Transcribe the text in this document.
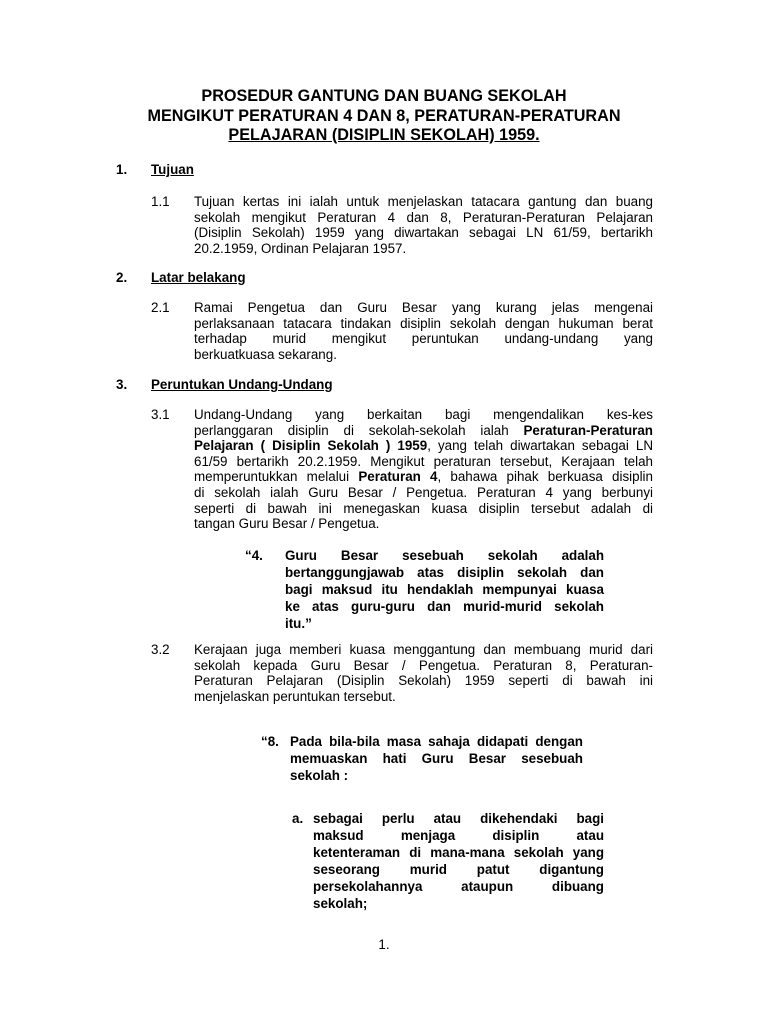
PROSEDUR GANTUNG DAN BUANG SEKOLAH
MENGIKUT PERATURAN 4 DAN 8, PERATURAN-PERATURAN
PELAJARAN (DISIPLIN SEKOLAH) 1959.
1. Tujuan
1.1 Tujuan kertas ini ialah untuk menjelaskan tatacara gantung dan buang
sekolah mengikut Peraturan 4 dan 8, Peraturan-Peraturan Pelajaran
(Disiplin Sekolah) 1959 yang diwartakan sebagai LN 61/59, bertarikh
20.2.1959, Ordinan Pelajaran 1957.
2. Latar belakang
2.1 Ramai Pengetua dan Guru Besar yang kurang jelas mengenai
perlaksanaan tatacara tindakan disiplin sekolah dengan hukuman berat
terhadap murid mengikut peruntukan undang-undang yang
berkuatkuasa sekarang.
3. Peruntukan Undang-Undang
3.1 Undang-Undang yang berkaitan bagi mengendalikan kes-kes
perlanggaran disiplin di sekolah-sekolah ialah Peraturan-Peraturan
Pelajaran ( Disiplin Sekolah ) 1959, yang telah diwartakan sebagai LN
61/59 bertarikh 20.2.1959. Mengikut peraturan tersebut, Kerajaan telah
memperuntukkan melalui Peraturan 4, bahawa pihak berkuasa disiplin
di sekolah ialah Guru Besar / Pengetua. Peraturan 4 yang berbunyi
seperti di bawah ini menegaskan kuasa disiplin tersebut adalah di
tangan Guru Besar / Pengetua.
“4. Guru Besar sesebuah sekolah adalah
bertanggungjawab atas disiplin sekolah dan
bagi maksud itu hendaklah mempunyai kuasa
ke atas guru-guru dan murid-murid sekolah
itu.”
3.2 Kerajaan juga memberi kuasa menggantung dan membuang murid dari
sekolah kepada Guru Besar / Pengetua. Peraturan 8, Peraturan-
Peraturan Pelajaran (Disiplin Sekolah) 1959 seperti di bawah ini
menjelaskan peruntukan tersebut.
“8. Pada bila-bila masa sahaja didapati dengan
memuaskan hati Guru Besar sesebuah
sekolah :
a. sebagai perlu atau dikehendaki bagi
maksud menjaga disiplin atau
ketenteraman di mana-mana sekolah yang
seseorang murid patut digantung
persekolahannya ataupun dibuang
sekolah;
1.
